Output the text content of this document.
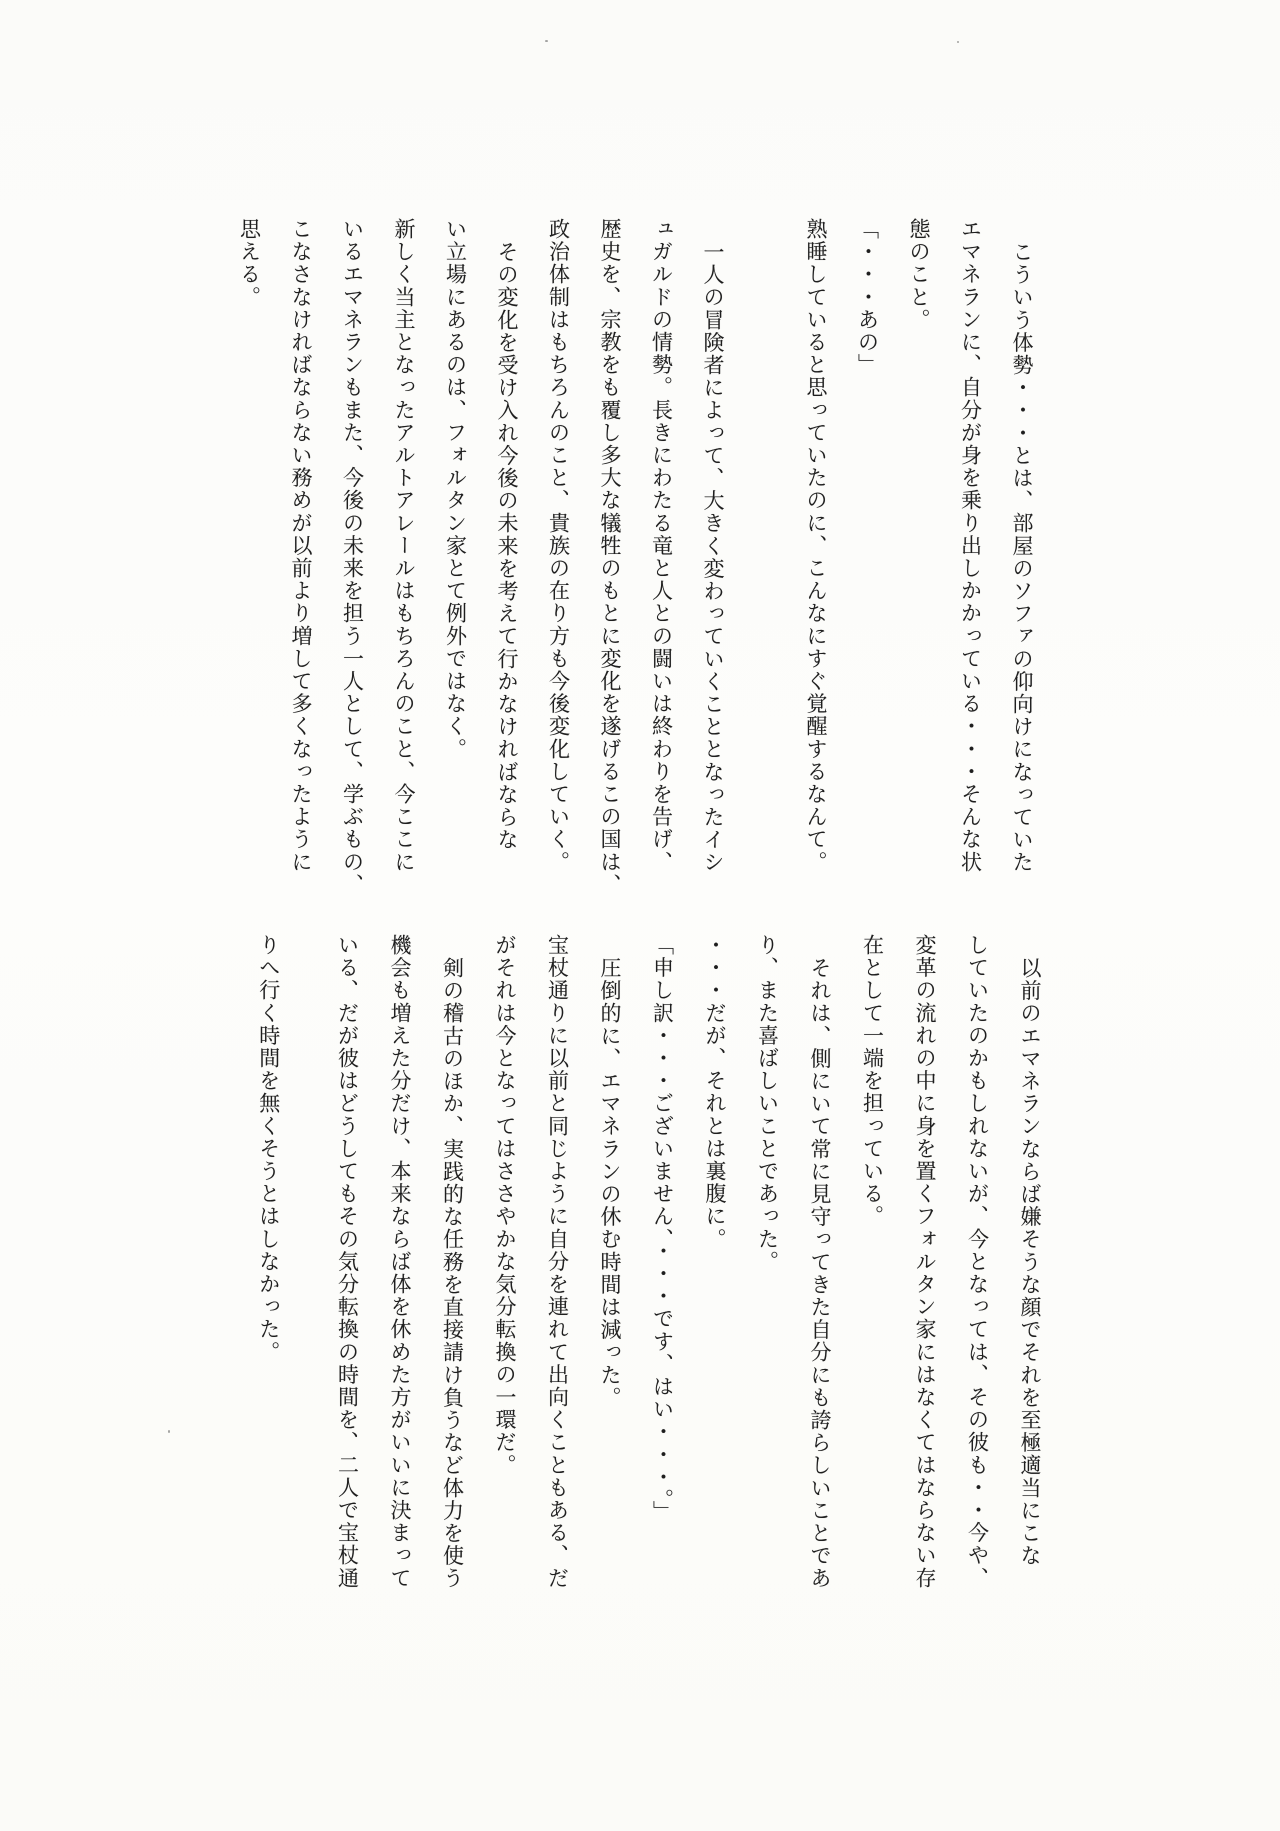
こういう体勢・・・とは、部屋のソファの仰向けになっていた
エマネランに、自分が身を乗り出しかかっている・・・そんな状
態のこと。
「・・・あの」
熟睡していると思っていたのに、こんなにすぐ覚醒するなんて。
一人の冒険者によって、大きく変わっていくこととなったイシ
ュガルドの情勢。長きにわたる竜と人との闘いは終わりを告げ、
歴史を、宗教をも覆し多大な犠牲のもとに変化を遂げるこの国は、
政治体制はもちろんのこと、貴族の在り方も今後変化していく。
その変化を受け入れ今後の未来を考えて行かなければならな
い立場にあるのは、フォルタン家とて例外ではなく。
新しく当主となったアルトアレールはもちろんのこと、今ここに
いるエマネランもまた、今後の未来を担う一人として、学ぶもの、
こなさなければならない務めが以前より増して多くなったように
思える。
以前のエマネランならば嫌そうな顔でそれを至極適当にこな
していたのかもしれないが、今となっては、その彼も・・今や、
変革の流れの中に身を置くフォルタン家にはなくてはならない存
在として一端を担っている。
それは、側にいて常に見守ってきた自分にも誇らしいことであ
り、また喜ばしいことであった。
・・・だが、それとは裏腹に。
「申し訳・・・ございません、・・・です、はい・・・。」
圧倒的に、エマネランの休む時間は減った。
宝杖通りに以前と同じように自分を連れて出向くこともある、だ
がそれは今となってはささやかな気分転換の一環だ。
剣の稽古のほか、実践的な任務を直接請け負うなど体力を使う
機会も増えた分だけ、本来ならば体を休めた方がいいに決まって
いる、だが彼はどうしてもその気分転換の時間を、二人で宝杖通
りへ行く時間を無くそうとはしなかった。
